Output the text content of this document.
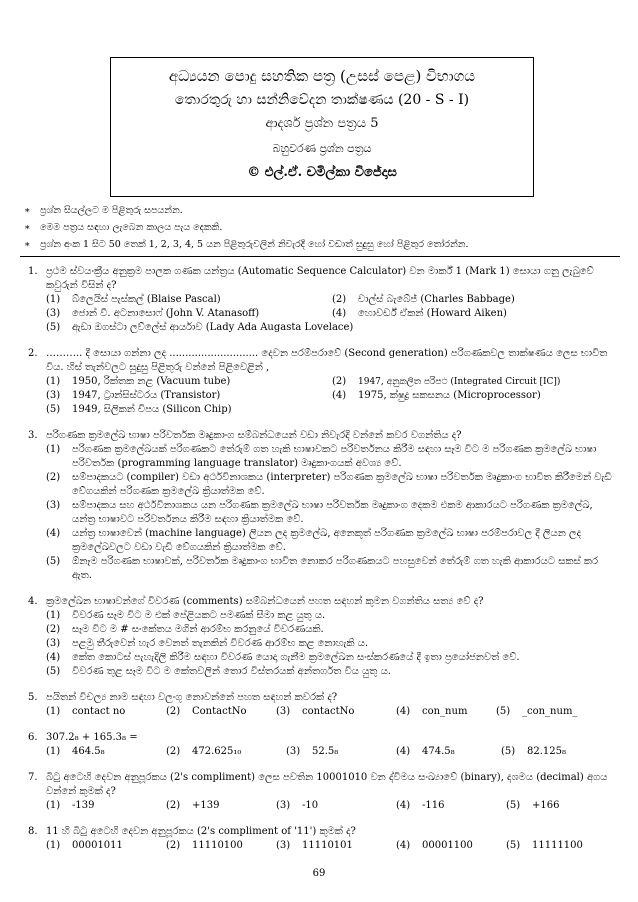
අධ්‍යයන පොදු සහතික පත්‍ර (උසස් පෙළ) විභාගය
තොරතුරු හා සන්නිවේදන තාක්ෂණය (20 - S - I)
ආදර්ශ ප්‍රශ්න පත්‍රය 5
බහුවරණ ප්‍රශ්න පත්‍රය
© එල්.ඒ. චමිල්කා විජේදාස
∗	ප්‍රශ්න සියල්ලට ම පිළිතුරු සපයන්න.
∗	මෙම පත්‍රය සඳහා ලැබෙන කාලය පැය දෙකකි.
∗	ප්‍රශ්න අංක 1 සිට 50 තෙක් 1, 2, 3, 4, 5 යන පිළිතුරුවලින් නිවැරදි හෝ වඩාත් සුදුසු හෝ පිළිතුර තෝරන්න.
1. ප්‍රථම ස්වයංක්‍රීය අනුක්‍රම පාලක ගණක යන්ත්‍රය (Automatic Sequence Calculator) වන මාර්ක් 1 (Mark 1) සොයා ගනු ලැබුවේ කවුරුන් විසින් ද?
(1)	බ්ලෙයිස් පැස්කල් (Blaise Pascal)	(2)	චාල්ස් බැබේජ් (Charles Babbage)
(3)	ජොන් වී. අටනාසොෆ් (John V. Atanasoff)	(4)	හොවර්ඩ් ඒකන් (Howard Aiken)
(5)	ඇඩා ඔගස්ටා ලව්ලේස් ආර්යාව (Lady Ada Augasta Lovelace)
2. ……….. දී සොයා ගන්නා ලද ............................ දෙවන පරම්පරාවේ (Second generation) පරිගණකවල තාක්ෂණය ලෙස භාවිත විය. හිස් තැන්වලට සුදුසු පිළිතුරු වන්නේ පිළිවෙළින් ,
(1)	1950, රික්තක නළ (Vacuum tube)	(2)	1947, අනුකලිත පරිපථ (Integrated Circuit [IC])
(3)	1947, ට්‍රාන්සිස්ටරය (Transistor)	(4)	1975, ක්ෂුද්‍ර සකසනය (Microprocessor)
(5)	1949, සිලිකන් චිපය (Silicon Chip)
3. පරිගණක ක්‍රමලේඛ භාෂා පරිවර්තක මෘදුකාංග සම්බන්ධයෙන් වඩා නිවැරදි වන්නේ කවර වගන්තිය ද?
(1)	පරිගණක ක්‍රමලේඛයක් පරිගණකට තේරුම් ගත හැකි භාෂාවකට පරිවර්තනය කිරීම සඳහා සෑම විට ම පරිගණක ක්‍රමලේඛ භාෂා පරිවර්තක (programming language translator) මෘදුකාංගයක් අවශ්‍ය වේ.
(2)	සම්පාදකයට (compiler) වඩා අර්ථවිනාශකය (interpreter) පරිගණක ක්‍රමලේඛ භාෂා පරිවර්තක මෘදුකාංග භාවිත කිරීමෙන් වැඩි වේගයකින් පරිගණක ක්‍රමලේඛ ක්‍රියාත්මක වේ.
(3)	සම්පාදකය සහ අර්ථවිනාශකය යන පරිගණක ක්‍රමලේඛ භාෂා පරිවර්තක මෘදුකාංග දෙකම එකම ආකාරයට පරිගණක ක්‍රමලේඛ, යන්ත්‍ර භාෂාවට පරිවර්තනය කිරීම සඳහා ක්‍රියාත්මක වේ.
(4)	යන්ත්‍ර භාෂාවෙන් (machine language) ලියන ලද ක්‍රමලේඛ, අනෙකුත් පරිගණක ක්‍රමලේඛ භාෂා පරම්පරාවල දී ලියන ලද ක්‍රමලේඛවලට වඩා වැඩි වේගයකින් ක්‍රියාත්මක වේ.
(5)	ඕනෑම පරිගණක භාෂාවක්, පරිවර්තක මෘදුකාංග භාවිත නොකර පරිගණකයට පහසුවෙන් තේරුම් ගත හැකි ආකාරයට සකස් කර ඇත.
4. ක්‍රමලේඛන භාෂාවන්ගේ විවරණ (comments) සම්බන්ධයෙන් පහත සඳහන් කුමන වගන්තිය සත්‍ය වේ ද?
(1)	විවරණ සෑම විට ම එක් පේළියකට පමණක් සීමා කළ යුතු ය.
(2)	සෑම විට ම # සංකේතය මගින් ආරම්භ කරනුයේ විවරණයකි.
(3)	පළමු තීරුවෙන් හැර වෙනත් තැනකින් විවරණ ආරම්භ කළ නොහැකි ය.
(4)	කේත කොටස් පැහැදිලි කිරීම සඳහා විවරණ යොදා ගැනීම ක්‍රමලේඛන සංස්කරණයේ දී ඉතා ප්‍රයෝජනවත් වේ.
(5)	විවරණ තුළ සෑම විට ම කේතවලින් තොර විස්තරයක් අන්තර්ගත විය යුතු ය.
5. පයිතන් විචල්‍ය නාම සඳහා වලංගු නොවන්නේ පහත සඳහන් කවරක් ද?
(1)	contact no	(2)	ContactNo	(3)	contactNo	(4)	con_num	(5)	_con_num_
6. 307.2₈ + 165.3₈ =
(1)	464.5₈	(2)	472.625₁₀	(3)	52.5₈	(4)	474.5₈	(5)	82.125₈
7. බිටු අටෙහි දෙවන අනුපූරකය (2's compliment) ලෙස පවතින 10001010 වන ද්විමය සංඛ්‍යාවේ (binary), දශමය (decimal) අගය වන්නේ කුමක් ද?
(1)	-139	(2)	+139	(3)	-10	(4)	-116	(5)	+166
8. 11 හි බිටු අටෙහි දෙවන අනුපූරකය (2's compliment of '11') කුමක් ද?
(1)	00001011	(2)	11110100	(3)	11110101	(4)	00001100	(5)	11111100
69
